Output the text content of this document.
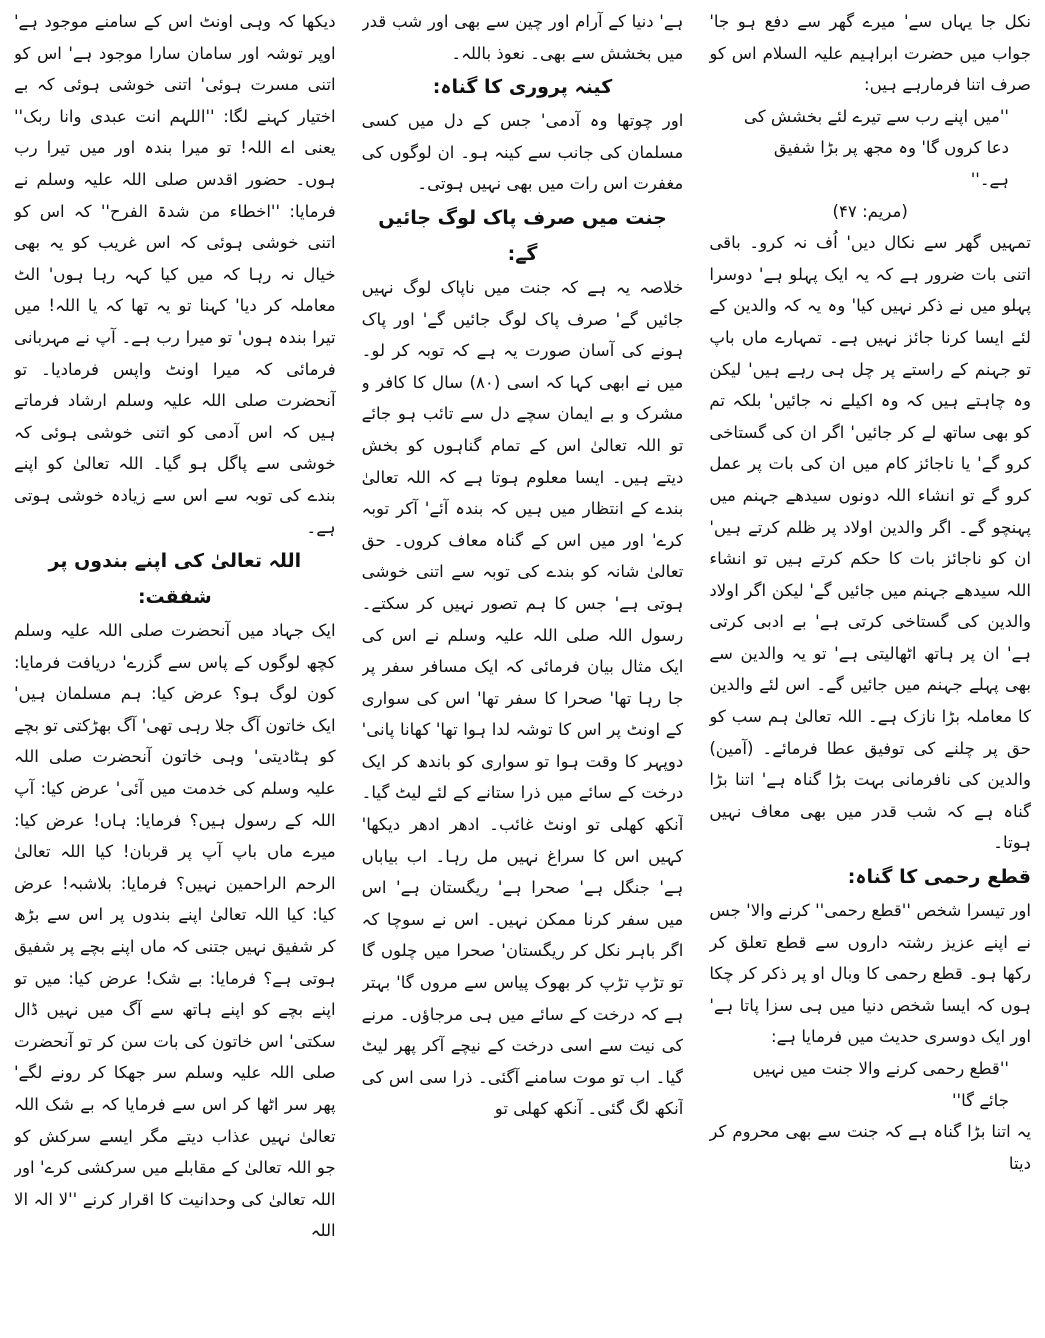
نکل جا یہاں سے' میرے گھر سے دفع ہو جا' جواب میں حضرت ابراہیم علیہ السلام اس کو صرف اتنا فرمارہے ہیں:

''میں اپنے رب سے تیرے لئے بخشش کی دعا کروں گا' وہ مجھ پر بڑا شفیق ہے۔''

(مریم: ۴۷)

تمہیں گھر سے نکال دیں' اُف نہ کرو۔ باقی اتنی بات ضرور ہے کہ یہ ایک پہلو ہے' دوسرا پہلو میں نے ذکر نہیں کیا' وہ یہ کہ والدین کے لئے ایسا کرنا جائز نہیں ہے۔ تمہارے ماں باپ تو جہنم کے راستے پر چل ہی رہے ہیں' لیکن وہ چاہتے ہیں کہ وہ اکیلے نہ جائیں' بلکہ تم کو بھی ساتھ لے کر جائیں' اگر ان کی گستاخی کرو گے' یا ناجائز کام میں ان کی بات پر عمل کرو گے تو انشاء اللہ دونوں سیدھے جہنم میں پہنچو گے۔ اگر والدین اولاد پر ظلم کرتے ہیں' ان کو ناجائز بات کا حکم کرتے ہیں تو انشاء اللہ سیدھے جہنم میں جائیں گے' لیکن اگر اولاد والدین کی گستاخی کرتی ہے' بے ادبی کرتی ہے' ان پر ہاتھ اٹھالیتی ہے' تو یہ والدین سے بھی پہلے جہنم میں جائیں گے۔ اس لئے والدین کا معاملہ بڑا نازک ہے۔ اللہ تعالیٰ ہم سب کو حق پر چلنے کی توفیق عطا فرمائے۔ (آمین) والدین کی نافرمانی بہت بڑا گناہ ہے' اتنا بڑا گناہ ہے کہ شب قدر میں بھی معاف نہیں ہوتا۔

قطع رحمی کا گناہ:

اور تیسرا شخص ''قطع رحمی'' کرنے والا' جس نے اپنے عزیز رشتہ داروں سے قطع تعلق کر رکھا ہو۔ قطع رحمی کا وبال او پر ذکر کر چکا ہوں کہ ایسا شخص دنیا میں ہی سزا پاتا ہے' اور ایک دوسری حدیث میں فرمایا ہے:

''قطع رحمی کرنے والا جنت میں نہیں جائے گا''

یہ اتنا بڑا گناہ ہے کہ جنت سے بھی محروم کر دیتا

ہے' دنیا کے آرام اور چین سے بھی اور شب قدر میں بخشش سے بھی۔ نعوذ باللہ۔

کینہ پروری کا گناہ:

اور چوتھا وہ آدمی' جس کے دل میں کسی مسلمان کی جانب سے کینہ ہو۔ ان لوگوں کی مغفرت اس رات میں بھی نہیں ہوتی۔

جنت میں صرف پاک لوگ جائیں گے:

خلاصہ یہ ہے کہ جنت میں ناپاک لوگ نہیں جائیں گے' صرف پاک لوگ جائیں گے' اور پاک ہونے کی آسان صورت یہ ہے کہ توبہ کر لو۔ میں نے ابھی کہا کہ اسی (۸۰) سال کا کافر و مشرک و بے ایمان سچے دل سے تائب ہو جائے تو اللہ تعالیٰ اس کے تمام گناہوں کو بخش دیتے ہیں۔ ایسا معلوم ہوتا ہے کہ اللہ تعالیٰ بندے کے انتظار میں ہیں کہ بندہ آئے' آکر توبہ کرے' اور میں اس کے گناہ معاف کروں۔ حق تعالیٰ شانہ کو بندے کی توبہ سے اتنی خوشی ہوتی ہے' جس کا ہم تصور نہیں کر سکتے۔ رسول اللہ صلی اللہ علیہ وسلم نے اس کی ایک مثال بیان فرمائی کہ ایک مسافر سفر پر جا رہا تھا' صحرا کا سفر تھا' اس کی سواری کے اونٹ پر اس کا توشہ لدا ہوا تھا' کھانا پانی' دوپہر کا وقت ہوا تو سواری کو باندھ کر ایک درخت کے سائے میں ذرا ستانے کے لئے لیٹ گیا۔ آنکھ کھلی تو اونٹ غائب۔ ادھر ادھر دیکھا' کہیں اس کا سراغ نہیں مل رہا۔ اب بیاباں ہے' جنگل ہے' صحرا ہے' ریگستان ہے' اس میں سفر کرنا ممکن نہیں۔ اس نے سوچا کہ اگر باہر نکل کر ریگستان' صحرا میں چلوں گا تو تڑپ تڑپ کر بھوک پیاس سے مروں گا' بہتر ہے کہ درخت کے سائے میں ہی مرجاؤں۔ مرنے کی نیت سے اسی درخت کے نیچے آکر پھر لیٹ گیا۔ اب تو موت سامنے آگئی۔ ذرا سی اس کی آنکھ لگ گئی۔ آنکھ کھلی تو

دیکھا کہ وہی اونٹ اس کے سامنے موجود ہے' اوپر توشہ اور سامان سارا موجود ہے' اس کو اتنی مسرت ہوئی' اتنی خوشی ہوئی کہ بے اختیار کہنے لگا: ''اللہم انت عبدی وانا ربک'' یعنی اے اللہ! تو میرا بندہ اور میں تیرا رب ہوں۔ حضور اقدس صلی اللہ علیہ وسلم نے فرمایا: ''اخطاء من شدۃ الفرح'' کہ اس کو اتنی خوشی ہوئی کہ اس غریب کو یہ بھی خیال نہ رہا کہ میں کیا کہہ رہا ہوں' الٹ معاملہ کر دیا' کہنا تو یہ تھا کہ یا اللہ! میں تیرا بندہ ہوں' تو میرا رب ہے۔ آپ نے مہربانی فرمائی کہ میرا اونٹ واپس فرمادیا۔ تو آنحضرت صلی اللہ علیہ وسلم ارشاد فرماتے ہیں کہ اس آدمی کو اتنی خوشی ہوئی کہ خوشی سے پاگل ہو گیا۔ اللہ تعالیٰ کو اپنے بندے کی توبہ سے اس سے زیادہ خوشی ہوتی ہے۔

اللہ تعالیٰ کی اپنے بندوں پر شفقت:

ایک جہاد میں آنحضرت صلی اللہ علیہ وسلم کچھ لوگوں کے پاس سے گزرے' دریافت فرمایا: کون لوگ ہو؟ عرض کیا: ہم مسلمان ہیں' ایک خاتون آگ جلا رہی تھی' آگ بھڑکتی تو بچے کو ہٹادیتی' وہی خاتون آنحضرت صلی اللہ علیہ وسلم کی خدمت میں آئی' عرض کیا: آپ اللہ کے رسول ہیں؟ فرمایا: ہاں! عرض کیا: میرے ماں باپ آپ پر قربان! کیا اللہ تعالیٰ الرحم الراحمین نہیں؟ فرمایا: بلاشبہ! عرض کیا: کیا اللہ تعالیٰ اپنے بندوں پر اس سے بڑھ کر شفیق نہیں جتنی کہ ماں اپنے بچے پر شفیق ہوتی ہے؟ فرمایا: بے شک! عرض کیا: میں تو اپنے بچے کو اپنے ہاتھ سے آگ میں نہیں ڈال سکتی' اس خاتون کی بات سن کر تو آنحضرت صلی اللہ علیہ وسلم سر جھکا کر رونے لگے' پھر سر اٹھا کر اس سے فرمایا کہ بے شک اللہ تعالیٰ نہیں عذاب دیتے مگر ایسے سرکش کو جو اللہ تعالیٰ کے مقابلے میں سرکشی کرے' اور اللہ تعالیٰ کی وحدانیت کا اقرار کرنے ''لا الہ الا اللہ
